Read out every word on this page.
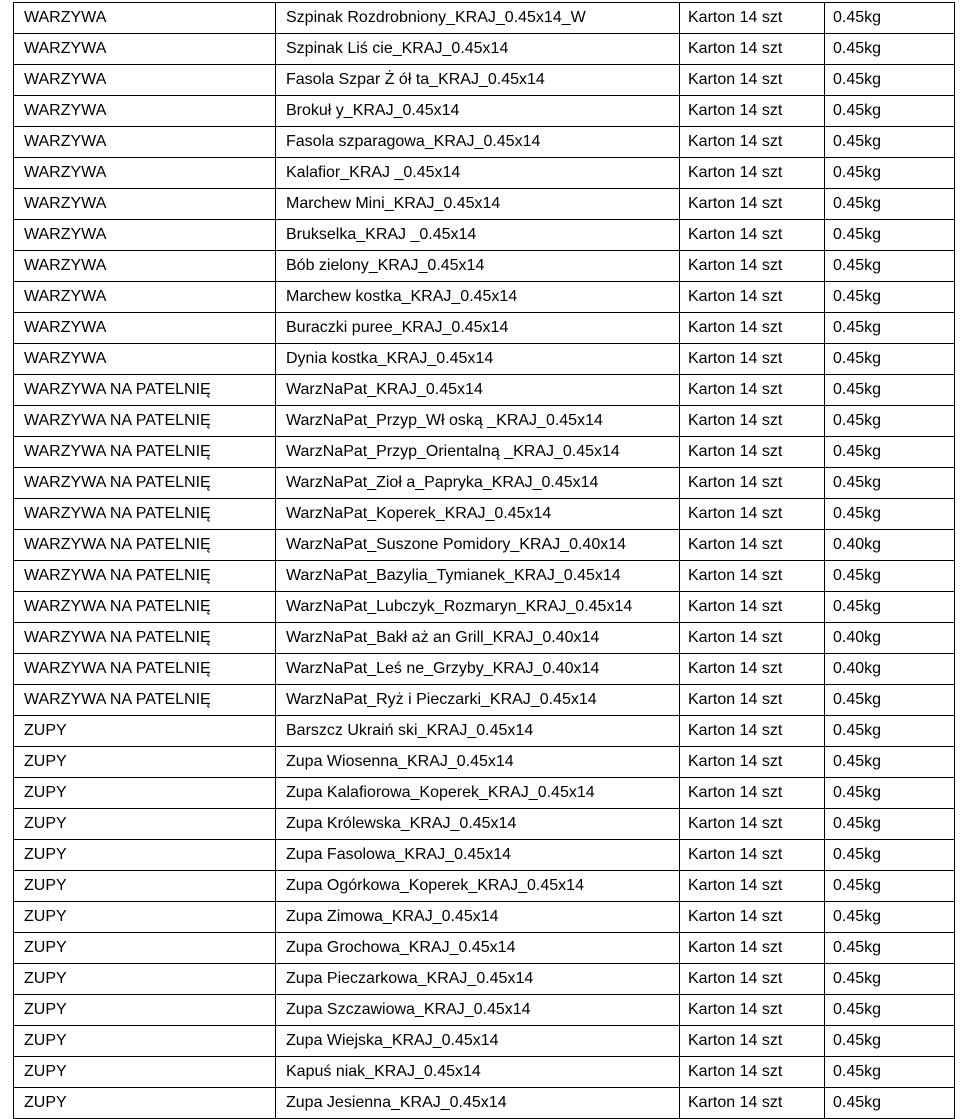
WARZYWA	Szpinak Rozdrobniony_KRAJ_0.45x14_W	Karton 14 szt	0.45kg
WARZYWA	Szpinak Liś cie_KRAJ_0.45x14	Karton 14 szt	0.45kg
WARZYWA	Fasola Szpar Ż ół ta_KRAJ_0.45x14	Karton 14 szt	0.45kg
WARZYWA	Brokuł y_KRAJ_0.45x14	Karton 14 szt	0.45kg
WARZYWA	Fasola szparagowa_KRAJ_0.45x14	Karton 14 szt	0.45kg
WARZYWA	Kalafior_KRAJ _0.45x14	Karton 14 szt	0.45kg
WARZYWA	Marchew Mini_KRAJ_0.45x14	Karton 14 szt	0.45kg
WARZYWA	Brukselka_KRAJ _0.45x14	Karton 14 szt	0.45kg
WARZYWA	Bób zielony_KRAJ_0.45x14	Karton 14 szt	0.45kg
WARZYWA	Marchew kostka_KRAJ_0.45x14	Karton 14 szt	0.45kg
WARZYWA	Buraczki puree_KRAJ_0.45x14	Karton 14 szt	0.45kg
WARZYWA	Dynia kostka_KRAJ_0.45x14	Karton 14 szt	0.45kg
WARZYWA NA PATELNIĘ	WarzNaPat_KRAJ_0.45x14	Karton 14 szt	0.45kg
WARZYWA NA PATELNIĘ	WarzNaPat_Przyp_Wł oską _KRAJ_0.45x14	Karton 14 szt	0.45kg
WARZYWA NA PATELNIĘ	WarzNaPat_Przyp_Orientalną _KRAJ_0.45x14	Karton 14 szt	0.45kg
WARZYWA NA PATELNIĘ	WarzNaPat_Zioł a_Papryka_KRAJ_0.45x14	Karton 14 szt	0.45kg
WARZYWA NA PATELNIĘ	WarzNaPat_Koperek_KRAJ_0.45x14	Karton 14 szt	0.45kg
WARZYWA NA PATELNIĘ	WarzNaPat_Suszone Pomidory_KRAJ_0.40x14	Karton 14 szt	0.40kg
WARZYWA NA PATELNIĘ	WarzNaPat_Bazylia_Tymianek_KRAJ_0.45x14	Karton 14 szt	0.45kg
WARZYWA NA PATELNIĘ	WarzNaPat_Lubczyk_Rozmaryn_KRAJ_0.45x14	Karton 14 szt	0.45kg
WARZYWA NA PATELNIĘ	WarzNaPat_Bakł aż an Grill_KRAJ_0.40x14	Karton 14 szt	0.40kg
WARZYWA NA PATELNIĘ	WarzNaPat_Leś ne_Grzyby_KRAJ_0.40x14	Karton 14 szt	0.40kg
WARZYWA NA PATELNIĘ	WarzNaPat_Ryż i Pieczarki_KRAJ_0.45x14	Karton 14 szt	0.45kg
ZUPY	Barszcz Ukraiń ski_KRAJ_0.45x14	Karton 14 szt	0.45kg
ZUPY	Zupa Wiosenna_KRAJ_0.45x14	Karton 14 szt	0.45kg
ZUPY	Zupa Kalafiorowa_Koperek_KRAJ_0.45x14	Karton 14 szt	0.45kg
ZUPY	Zupa Królewska_KRAJ_0.45x14	Karton 14 szt	0.45kg
ZUPY	Zupa Fasolowa_KRAJ_0.45x14	Karton 14 szt	0.45kg
ZUPY	Zupa Ogórkowa_Koperek_KRAJ_0.45x14	Karton 14 szt	0.45kg
ZUPY	Zupa Zimowa_KRAJ_0.45x14	Karton 14 szt	0.45kg
ZUPY	Zupa Grochowa_KRAJ_0.45x14	Karton 14 szt	0.45kg
ZUPY	Zupa Pieczarkowa_KRAJ_0.45x14	Karton 14 szt	0.45kg
ZUPY	Zupa Szczawiowa_KRAJ_0.45x14	Karton 14 szt	0.45kg
ZUPY	Zupa Wiejska_KRAJ_0.45x14	Karton 14 szt	0.45kg
ZUPY	Kapuś niak_KRAJ_0.45x14	Karton 14 szt	0.45kg
ZUPY	Zupa Jesienna_KRAJ_0.45x14	Karton 14 szt	0.45kg
